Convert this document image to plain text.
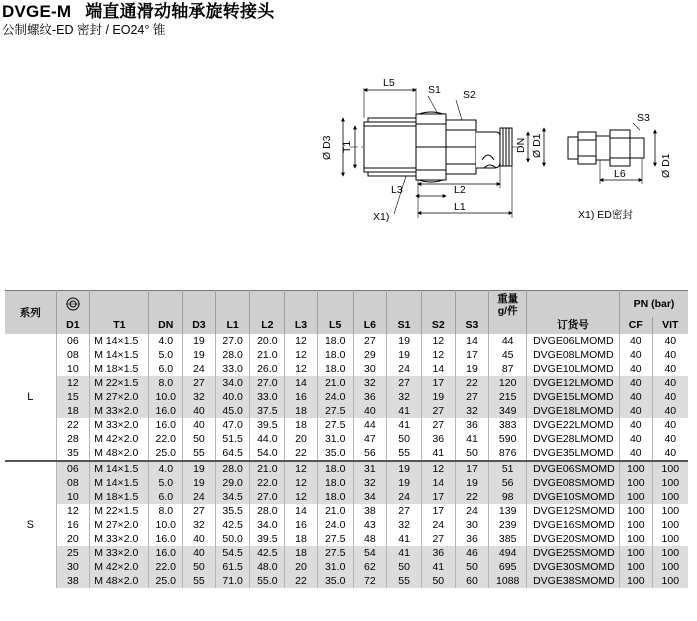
DVGE-M 端直通滑动轴承旋转接头
公制螺纹-ED 密封 / EO24° 锥
L5
S1 S2
S3
Ø D3 T1	DN Ø D1
Ø D1
L3	L2
L1
L6
X1)	X1) ED密封
系列													重量
g/件		PN (bar)	
	D1	T1	DN	D3	L1	L2	L3	L5	L6	S1	S2	S3		订货号	CF	VIT
L	06	M 14×1.5	4.0	19	27.0	20.0	12	18.0	27	19	12	14	44	DVGE06LMOMD	40	40
	08	M 14×1.5	5.0	19	28.0	21.0	12	18.0	29	19	12	17	45	DVGE08LMOMD	40	40
	10	M 18×1.5	6.0	24	33.0	26.0	12	18.0	30	24	14	19	87	DVGE10LMOMD	40	40
	12	M 22×1.5	8.0	27	34.0	27.0	14	21.0	32	27	17	22	120	DVGE12LMOMD	40	40
	15	M 27×2.0	10.0	32	40.0	33.0	16	24.0	36	32	19	27	215	DVGE15LMOMD	40	40
	18	M 33×2.0	16.0	40	45.0	37.5	18	27.5	40	41	27	32	349	DVGE18LMOMD	40	40
	22	M 33×2.0	16.0	40	47.0	39.5	18	27.5	44	41	27	36	383	DVGE22LMOMD	40	40
	28	M 42×2.0	22.0	50	51.5	44.0	20	31.0	47	50	36	41	590	DVGE28LMOMD	40	40
	35	M 48×2.0	25.0	55	64.5	54.0	22	35.0	56	55	41	50	876	DVGE35LMOMD	40	40
S	06	M 14×1.5	4.0	19	28.0	21.0	12	18.0	31	19	12	17	51	DVGE06SMOMD	100	100
	08	M 14×1.5	5.0	19	29.0	22.0	12	18.0	32	19	14	19	56	DVGE08SMOMD	100	100
	10	M 18×1.5	6.0	24	34.5	27.0	12	18.0	34	24	17	22	98	DVGE10SMOMD	100	100
	12	M 22×1.5	8.0	27	35.5	28.0	14	21.0	38	27	17	24	139	DVGE12SMOMD	100	100
	16	M 27×2.0	10.0	32	42.5	34.0	16	24.0	43	32	24	30	239	DVGE16SMOMD	100	100
	20	M 33×2.0	16.0	40	50.0	39.5	18	27.5	48	41	27	36	385	DVGE20SMOMD	100	100
	25	M 33×2.0	16.0	40	54.5	42.5	18	27.5	54	41	36	46	494	DVGE25SMOMD	100	100
	30	M 42×2.0	22.0	50	61.5	48.0	20	31.0	62	50	41	50	695	DVGE30SMOMD	100	100
	38	M 48×2.0	25.0	55	71.0	55.0	22	35.0	72	55	50	60	1088	DVGE38SMOMD	100	100
